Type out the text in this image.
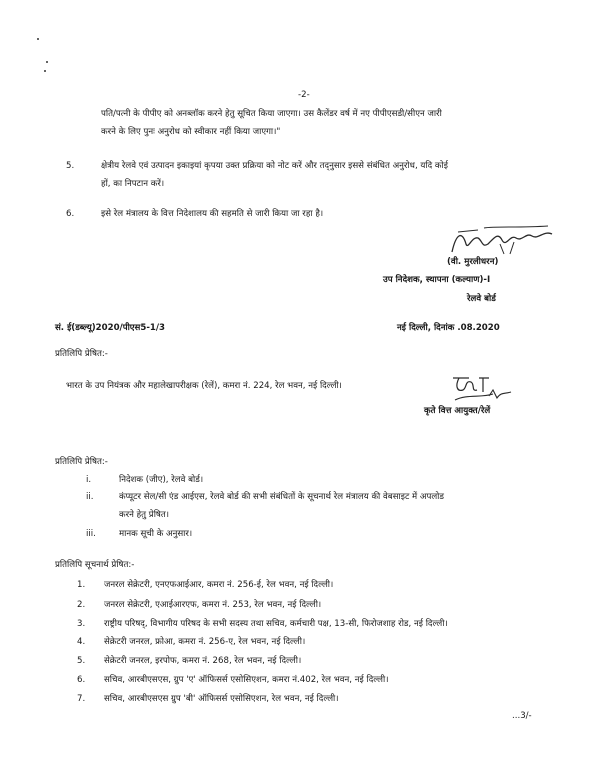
-2-
पति/पत्नी के पीपीए को अनब्लॉक करने हेतु सूचित किया जाएगा। उस कैलेंडर वर्ष में नए पीपीएसडी/सीएन जारी
करने के लिए पुनः अनुरोध को स्वीकार नहीं किया जाएगा।"
5.	क्षेत्रीय रेलवे एवं उत्पादन इकाइयां कृपया उक्त प्रक्रिया को नोट करें और तद्नुसार इससे संबंधित अनुरोध, यदि कोई
हों, का निपटान करें।
6.	इसे रेल मंत्रालय के वित्त निदेशालय की सहमति से जारी किया जा रहा है।
(वी. मुरलीधरन)
उप निदेशक, स्थापना (कल्याण)-I
रेलवे बोर्ड
सं. ई(डब्ल्यू)2020/पीएस5-1/3	नई दिल्ली, दिनांक .08.2020
प्रतिलिपि प्रेषित:-
भारत के उप नियंत्रक और महालेखापरीक्षक (रेलें), कमरा नं. 224, रेल भवन, नई दिल्ली।
कृते वित्त आयुक्त/रेलें
प्रतिलिपि प्रेषित:-
i.	निदेशक (जीए), रेलवे बोर्ड।
ii.	कंप्यूटर सेल/सी एंड आईएस, रेलवे बोर्ड की सभी संबंधितों के सूचनार्थ रेल मंत्रालय की वेबसाइट में अपलोड
करने हेतु प्रेषित।
iii.	मानक सूची के अनुसार।
प्रतिलिपि सूचनार्थ प्रेषित:-
1. जनरल सेक्रेटरी, एनएफआईआर, कमरा नं. 256-ई, रेल भवन, नई दिल्ली।
2. जनरल सेक्रेटरी, एआईआरएफ, कमरा नं. 253, रेल भवन, नई दिल्ली।
3. राष्ट्रीय परिषद्, विभागीय परिषद के सभी सदस्य तथा सचिव, कर्मचारी पक्ष, 13-सी, फिरोजशाह रोड, नई दिल्ली।
4. सेक्रेटरी जनरल, फ्रोआ, कमरा नं. 256-ए, रेल भवन, नई दिल्ली।
5. सेक्रेटरी जनरल, इरपोफ, कमरा नं. 268, रेल भवन, नई दिल्ली।
6. सचिव, आरबीएसएस, ग्रुप 'ए' ऑफिसर्स एसोसिएशन, कमरा नं.402, रेल भवन, नई दिल्ली।
7. सचिव, आरबीएसएस ग्रुप 'बी' ऑफिसर्स एसोसिएशन, रेल भवन, नई दिल्ली।
...3/-
